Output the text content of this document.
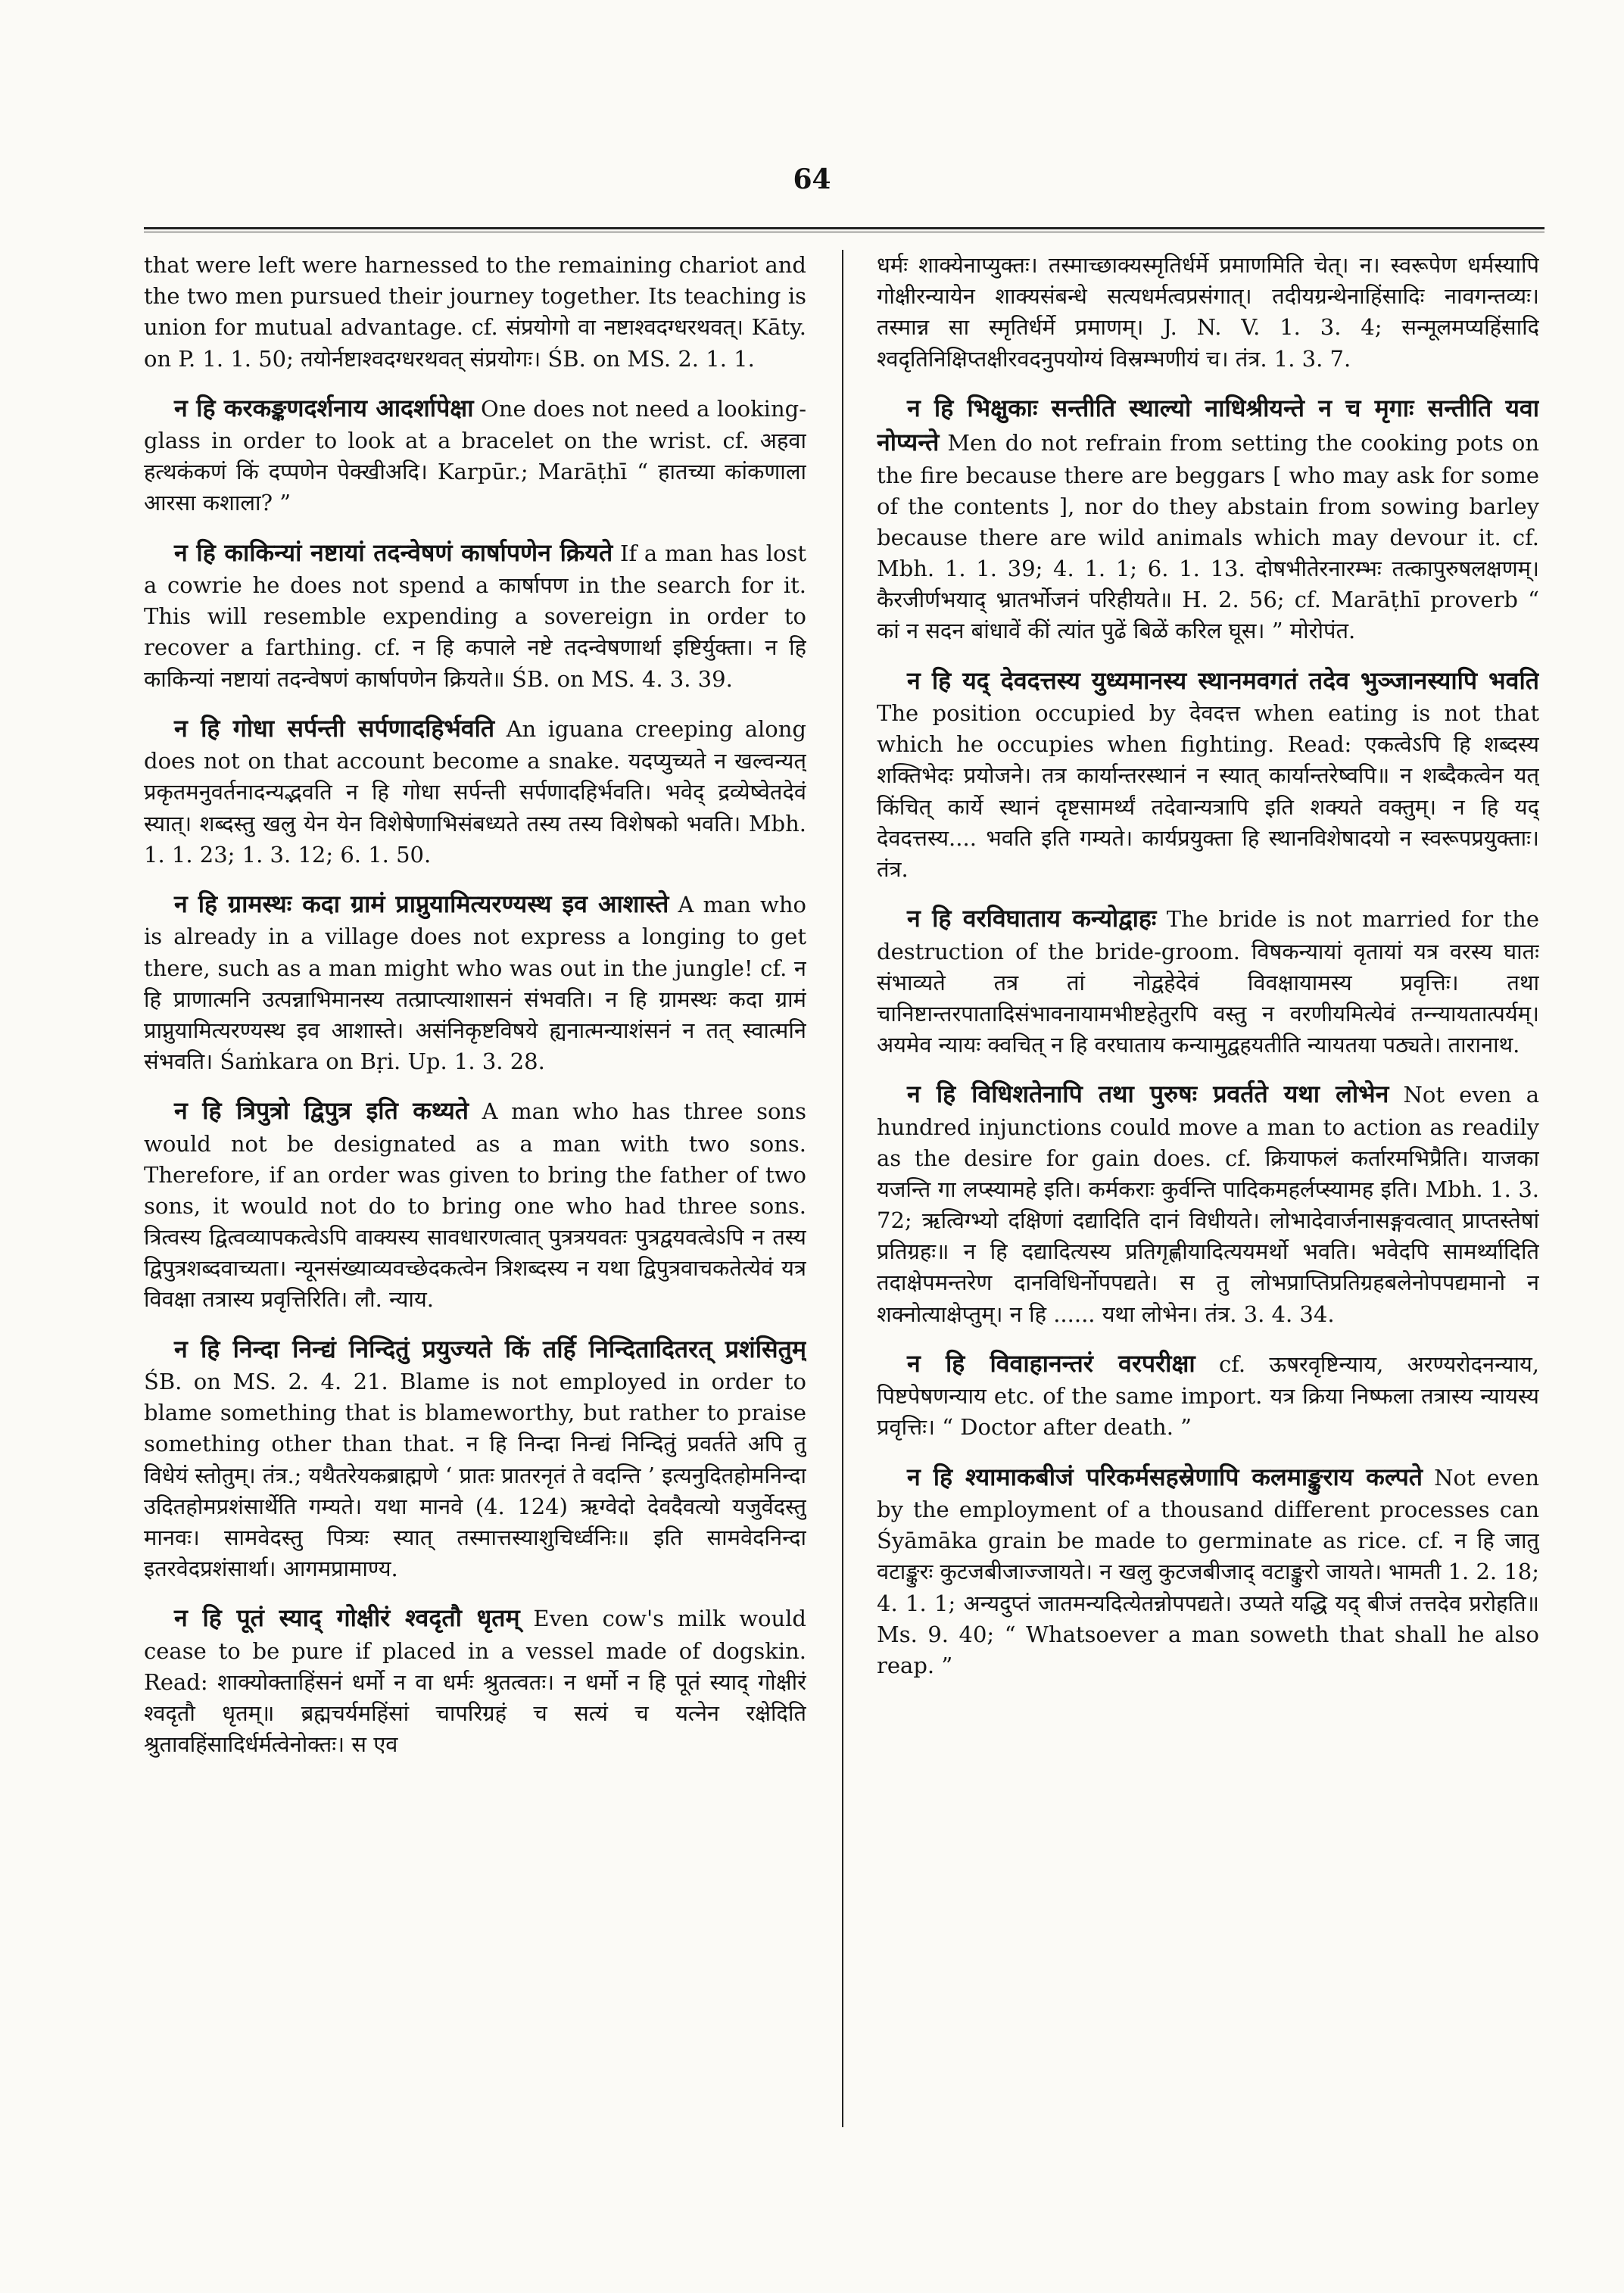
64

that were left were harnessed to the remaining chariot and the two men pursued their journey together. Its teaching is union for mutual advantage. cf. संप्रयोगो वा नष्टाश्वदग्धरथवत्। Kāty. on P. 1. 1. 50; तयोर्नष्टाश्वदग्धरथवत् संप्रयोगः। ŚB. on MS. 2. 1. 1.

न हि करकङ्कणदर्शनाय आदर्शापेक्षा One does not need a looking-glass in order to look at a bracelet on the wrist. cf. अहवा हत्थकंकणं किं दप्पणेन पेक्खीअदि। Karpūr.; Marāṭhī “ हातच्या कांकणाला आरसा कशाला? ”

न हि काकिन्यां नष्टायां तदन्वेषणं कार्षापणेन क्रियते If a man has lost a cowrie he does not spend a कार्षापण in the search for it. This will resemble expending a sovereign in order to recover a farthing. cf. न हि कपाले नष्टे तदन्वेषणार्था इष्टिर्युक्ता। न हि काकिन्यां नष्टायां तदन्वेषणं कार्षापणेन क्रियते॥ ŚB. on MS. 4. 3. 39.

न हि गोधा सर्पन्ती सर्पणादहिर्भवति An iguana creeping along does not on that account become a snake. यदप्युच्यते न खल्वन्यत् प्रकृतमनुवर्तनादन्यद्भवति न हि गोधा सर्पन्ती सर्पणादहिर्भवति। भवेद् द्रव्येष्वेतदेवं स्यात्। शब्दस्तु खलु येन येन विशेषेणाभिसंबध्यते तस्य तस्य विशेषको भवति। Mbh. 1. 1. 23; 1. 3. 12; 6. 1. 50.

न हि ग्रामस्थः कदा ग्रामं प्राप्नुयामित्यरण्यस्थ इव आशास्ते A man who is already in a village does not express a longing to get there, such as a man might who was out in the jungle! cf. न हि प्राणात्मनि उत्पन्नाभिमानस्य तत्प्राप्त्याशासनं संभवति। न हि ग्रामस्थः कदा ग्रामं प्राप्नुयामित्यरण्यस्थ इव आशास्ते। असंनिकृष्टविषये ह्यनात्मन्याशंसनं न तत् स्वात्मनि संभवति। Śaṁkara on Bṛi. Up. 1. 3. 28.

न हि त्रिपुत्रो द्विपुत्र इति कथ्यते A man who has three sons would not be designated as a man with two sons. Therefore, if an order was given to bring the father of two sons, it would not do to bring one who had three sons. त्रित्वस्य द्वित्वव्यापकत्वेऽपि वाक्यस्य सावधारणत्वात् पुत्रत्रयवतः पुत्रद्वयवत्वेऽपि न तस्य द्विपुत्रशब्दवाच्यता। न्यूनसंख्याव्यवच्छेदकत्वेन त्रिशब्दस्य न यथा द्विपुत्रवाचकतेत्येवं यत्र विवक्षा तत्रास्य प्रवृत्तिरिति। लौ. न्याय.

न हि निन्दा निन्द्यं निन्दितुं प्रयुज्यते किं तर्हि निन्दितादितरत् प्रशंसितुम् ŚB. on MS. 2. 4. 21. Blame is not employed in order to blame something that is blameworthy, but rather to praise something other than that. न हि निन्दा निन्द्यं निन्दितुं प्रवर्तते अपि तु विधेयं स्तोतुम्। तंत्र.; यथैतरेयकब्राह्मणे ‘ प्रातः प्रातरनृतं ते वदन्ति ’ इत्यनुदितहोमनिन्दा उदितहोमप्रशंसार्थेति गम्यते। यथा मानवे (4. 124) ऋग्वेदो देवदैवत्यो यजुर्वेदस्तु मानवः। सामवेदस्तु पित्र्यः स्यात् तस्मात्तस्याशुचिर्ध्वनिः॥ इति सामवेदनिन्दा इतरवेदप्रशंसार्था। आगमप्रामाण्य.

न हि पूतं स्याद् गोक्षीरं श्वदृतौ धृतम् Even cow's milk would cease to be pure if placed in a vessel made of dogskin. Read: शाक्योक्ताहिंसनं धर्मो न वा धर्मः श्रुतत्वतः। न धर्मो न हि पूतं स्याद् गोक्षीरं श्वदृतौ धृतम्॥ ब्रह्मचर्यमहिंसां चापरिग्रहं च सत्यं च यत्नेन रक्षेदिति श्रुतावहिंसादिर्धर्मत्वेनोक्तः। स एव

धर्मः शाक्येनाप्युक्तः। तस्माच्छाक्यस्मृतिर्धर्मे प्रमाणमिति चेत्। न। स्वरूपेण धर्मस्यापि गोक्षीरन्यायेन शाक्यसंबन्धे सत्यधर्मत्वप्रसंगात्। तदीयग्रन्थेनाहिंसादिः नावगन्तव्यः। तस्मान्न सा स्मृतिर्धर्मे प्रमाणम्। J. N. V. 1. 3. 4; सन्मूलमप्यहिंसादि श्वदृतिनिक्षिप्तक्षीरवदनुपयोग्यं विस्रम्भणीयं च। तंत्र. 1. 3. 7.

न हि भिक्षुकाः सन्तीति स्थाल्यो नाधिश्रीयन्ते न च मृगाः सन्तीति यवा नोप्यन्ते Men do not refrain from setting the cooking pots on the fire because there are beggars [ who may ask for some of the contents ], nor do they abstain from sowing barley because there are wild animals which may devour it. cf. Mbh. 1. 1. 39; 4. 1. 1; 6. 1. 13. दोषभीतेरनारम्भः तत्कापुरुषलक्षणम्। कैरजीर्णभयाद् भ्रातर्भोजनं परिहीयते॥ H. 2. 56; cf. Marāṭhī proverb “ कां न सदन बांधावें कीं त्यांत पुढें बिळें करिल घूस। ” मोरोपंत.

न हि यद् देवदत्तस्य युध्यमानस्य स्थानमवगतं तदेव भुञ्जानस्यापि भवति The position occupied by देवदत्त when eating is not that which he occupies when fighting. Read: एकत्वेऽपि हि शब्दस्य शक्तिभेदः प्रयोजने। तत्र कार्यान्तरस्थानं न स्यात् कार्यान्तरेष्वपि॥ न शब्दैकत्वेन यत् किंचित् कार्ये स्थानं दृष्टसामर्थ्यं तदेवान्यत्रापि इति शक्यते वक्तुम्। न हि यद् देवदत्तस्य.... भवति इति गम्यते। कार्यप्रयुक्ता हि स्थानविशेषादयो न स्वरूपप्रयुक्ताः। तंत्र.

न हि वरविघाताय कन्योद्वाहः The bride is not married for the destruction of the bride-groom. विषकन्यायां वृतायां यत्र वरस्य घातः संभाव्यते तत्र तां नोद्वहेदेवं विवक्षायामस्य प्रवृत्तिः। तथा चानिष्टान्तरपातादिसंभावनायामभीष्टहेतुरपि वस्तु न वरणीयमित्येवं तन्न्यायतात्पर्यम्। अयमेव न्यायः क्वचित् न हि वरघाताय कन्यामुद्वहयतीति न्यायतया पठ्यते। तारानाथ.

न हि विधिशतेनापि तथा पुरुषः प्रवर्तते यथा लोभेन Not even a hundred injunctions could move a man to action as readily as the desire for gain does. cf. क्रियाफलं कर्तारमभिप्रैति। याजका यजन्ति गा लप्स्यामहे इति। कर्मकराः कुर्वन्ति पादिकमहर्लप्स्यामह इति। Mbh. 1. 3. 72; ऋत्विग्भ्यो दक्षिणां दद्यादिति दानं विधीयते। लोभादेवार्जनासङ्गवत्वात् प्राप्तस्तेषां प्रतिग्रहः॥ न हि दद्यादित्यस्य प्रतिगृह्णीयादित्ययमर्थो भवति। भवेदपि सामर्थ्यादिति तदाक्षेपमन्तरेण दानविधिर्नोपपद्यते। स तु लोभप्राप्तिप्रतिग्रहबलेनोपपद्यमानो न शक्नोत्याक्षेप्तुम्। न हि ...... यथा लोभेन। तंत्र. 3. 4. 34.

न हि विवाहानन्तरं वरपरीक्षा cf. ऊषरवृष्टिन्याय, अरण्यरोदनन्याय, पिष्टपेषणन्याय etc. of the same import. यत्र क्रिया निष्फला तत्रास्य न्यायस्य प्रवृत्तिः। “ Doctor after death. ”

न हि श्यामाकबीजं परिकर्मसहस्रेणापि कलमाङ्कुराय कल्पते Not even by the employment of a thousand different processes can Śyāmāka grain be made to germinate as rice. cf. न हि जातु वटाङ्कुरः कुटजबीजाज्जायते। न खलु कुटजबीजाद् वटाङ्कुरो जायते। भामती 1. 2. 18; 4. 1. 1; अन्यदुप्तं जातमन्यदित्येतन्नोपपद्यते। उप्यते यद्धि यद् बीजं तत्तदेव प्ररोहति॥ Ms. 9. 40; “ Whatsoever a man soweth that shall he also reap. ”
